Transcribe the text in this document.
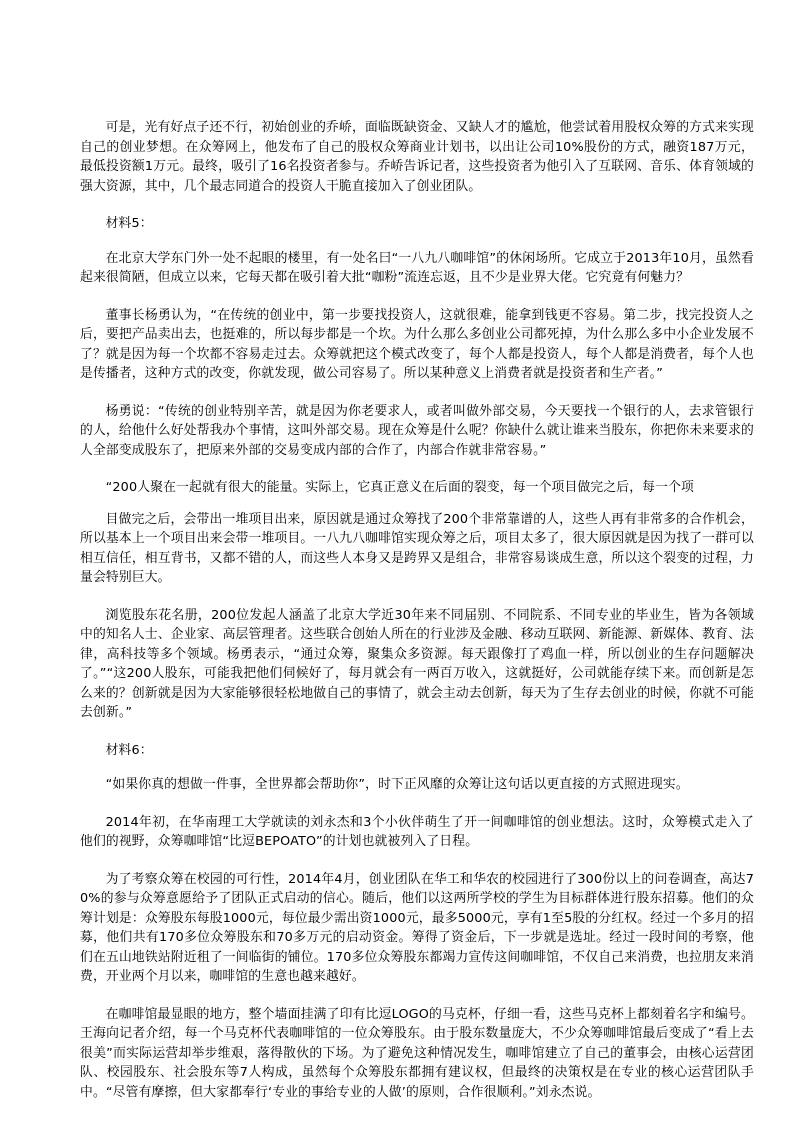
可是，光有好点子还不行，初始创业的乔峤，面临既缺资金、又缺人才的尴尬，他尝试着用股权众筹的方式来实现自己的创业梦想。在众筹网上，他发布了自己的股权众筹商业计划书，以出让公司10%股份的方式，融资187万元，最低投资额1万元。最终，吸引了16名投资者参与。乔峤告诉记者，这些投资者为他引入了互联网、音乐、体育领域的强大资源，其中，几个最志同道合的投资人干脆直接加入了创业团队。

材料5：

在北京大学东门外一处不起眼的楼里，有一处名曰“一八九八咖啡馆”的休闲场所。它成立于2013年10月，虽然看起来很简陋，但成立以来，它每天都在吸引着大批“咖粉”流连忘返，且不少是业界大佬。它究竟有何魅力？

董事长杨勇认为，“在传统的创业中，第一步要找投资人，这就很难，能拿到钱更不容易。第二步，找完投资人之后，要把产品卖出去，也挺难的，所以每步都是一个坎。为什么那么多创业公司都死掉，为什么那么多中小企业发展不了？就是因为每一个坎都不容易走过去。众筹就把这个模式改变了，每个人都是投资人，每个人都是消费者，每个人也是传播者，这种方式的改变，你就发现，做公司容易了。所以某种意义上消费者就是投资者和生产者。”

杨勇说：“传统的创业特别辛苦，就是因为你老要求人，或者叫做外部交易，今天要找一个银行的人，去求管银行的人，给他什么好处帮我办个事情，这叫外部交易。现在众筹是什么呢？你缺什么就让谁来当股东，你把你未来要求的人全部变成股东了，把原来外部的交易变成内部的合作了，内部合作就非常容易。”

“200人聚在一起就有很大的能量。实际上，它真正意义在后面的裂变，每一个项目做完之后，每一个项

目做完之后，会带出一堆项目出来，原因就是通过众筹找了200个非常靠谱的人，这些人再有非常多的合作机会，所以基本上一个项目出来会带一堆项目。一八九八咖啡馆实现众筹之后，项目太多了，很大原因就是因为找了一群可以相互信任，相互背书，又都不错的人，而这些人本身又是跨界又是组合，非常容易谈成生意，所以这个裂变的过程，力量会特别巨大。

浏览股东花名册，200位发起人涵盖了北京大学近30年来不同届别、不同院系、不同专业的毕业生，皆为各领域中的知名人士、企业家、高层管理者。这些联合创始人所在的行业涉及金融、移动互联网、新能源、新媒体、教育、法律，高科技等多个领域。杨勇表示，“通过众筹，聚集众多资源。每天跟像打了鸡血一样，所以创业的生存问题解决了。”“这200人股东，可能我把他们伺候好了，每月就会有一两百万收入，这就挺好，公司就能存续下来。而创新是怎么来的？创新就是因为大家能够很轻松地做自己的事情了，就会主动去创新，每天为了生存去创业的时候，你就不可能去创新。”

材料6：

“如果你真的想做一件事，全世界都会帮助你”，时下正风靡的众筹让这句话以更直接的方式照进现实。

2014年初，在华南理工大学就读的刘永杰和3个小伙伴萌生了开一间咖啡馆的创业想法。这时，众筹模式走入了他们的视野，众筹咖啡馆“比逗BEPOATO”的计划也就被列入了日程。

为了考察众筹在校园的可行性，2014年4月，创业团队在华工和华农的校园进行了300份以上的问卷调查，高达70%的参与众筹意愿给予了团队正式启动的信心。随后，他们以这两所学校的学生为目标群体进行股东招募。他们的众筹计划是：众筹股东每股1000元，每位最少需出资1000元，最多5000元，享有1至5股的分红权。经过一个多月的招募，他们共有170多位众筹股东和70多万元的启动资金。筹得了资金后，下一步就是选址。经过一段时间的考察，他们在五山地铁站附近租了一间临街的铺位。170多位众筹股东都竭力宣传这间咖啡馆，不仅自己来消费，也拉朋友来消费，开业两个月以来，咖啡馆的生意也越来越好。

在咖啡馆最显眼的地方，整个墙面挂满了印有比逗LOGO的马克杯，仔细一看，这些马克杯上都刻着名字和编号。王海向记者介绍，每一个马克杯代表咖啡馆的一位众筹股东。由于股东数量庞大，不少众筹咖啡馆最后变成了“看上去很美”而实际运营却举步维艰，落得散伙的下场。为了避免这种情况发生，咖啡馆建立了自己的董事会，由核心运营团队、校园股东、社会股东等7人构成，虽然每个众筹股东都拥有建议权，但最终的决策权是在专业的核心运营团队手中。“尽管有摩擦，但大家都奉行‘专业的事给专业的人做’的原则，合作很顺利。”刘永杰说。
